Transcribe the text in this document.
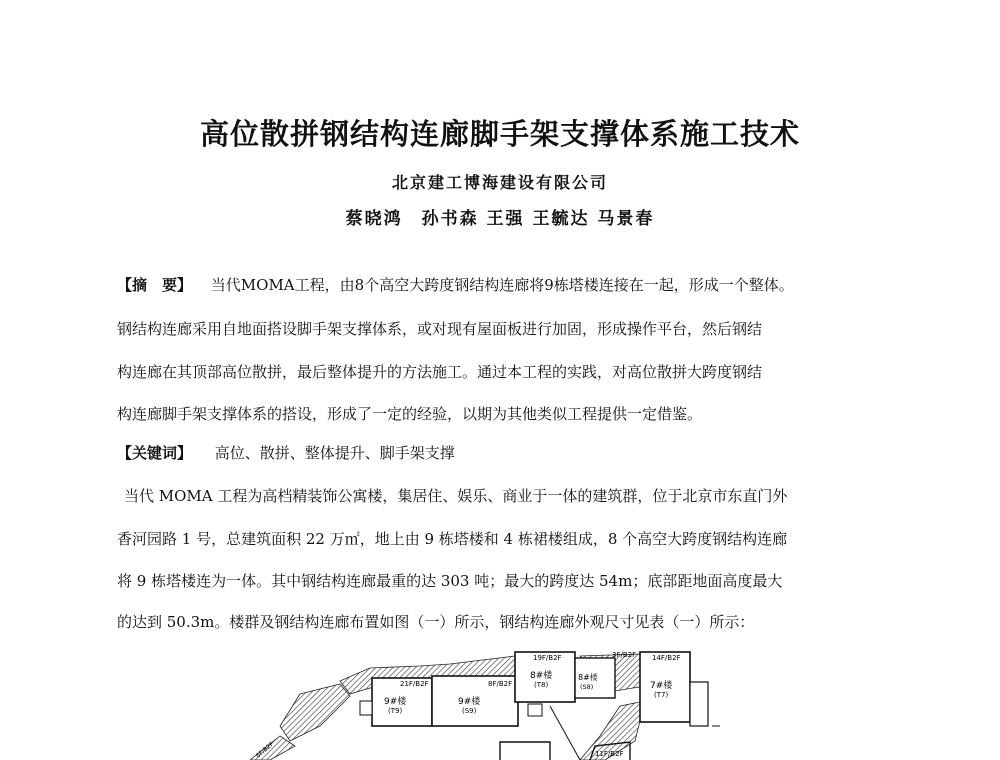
高位散拼钢结构连廊脚手架支撑体系施工技术
北京建工博海建设有限公司
蔡晓鸿　孙书森 王强 王毓达 马景春
【摘　要】 当代MOMA工程，由8个高空大跨度钢结构连廊将9栋塔楼连接在一起，形成一个整体。
钢结构连廊采用自地面搭设脚手架支撑体系，或对现有屋面板进行加固，形成操作平台，然后钢结
构连廊在其顶部高位散拼，最后整体提升的方法施工。通过本工程的实践，对高位散拼大跨度钢结
构连廊脚手架支撑体系的搭设，形成了一定的经验，以期为其他类似工程提供一定借鉴。
【关键词】 高位、散拼、整体提升、脚手架支撑
当代 MOMA 工程为高档精装饰公寓楼，集居住、娱乐、商业于一体的建筑群，位于北京市东直门外
香河园路 1 号，总建筑面积 22 万㎡，地上由 9 栋塔楼和 4 栋裙楼组成，8 个高空大跨度钢结构连廊
将 9 栋塔楼连为一体。其中钢结构连廊最重的达 303 吨；最大的跨度达 54m；底部距地面高度最大
的达到 50.3m。楼群及钢结构连廊布置如图（一）所示，钢结构连廊外观尺寸见表（一）所示：
21F/B2F
9#楼
(T9)
8F/B2F
9#楼
(S9)
19F/B2F
8#楼
(T8)
3F/B2F
8#楼
(S8)
14F/B2F
7#楼
(T7)
11F/B2F
6F/B2F
